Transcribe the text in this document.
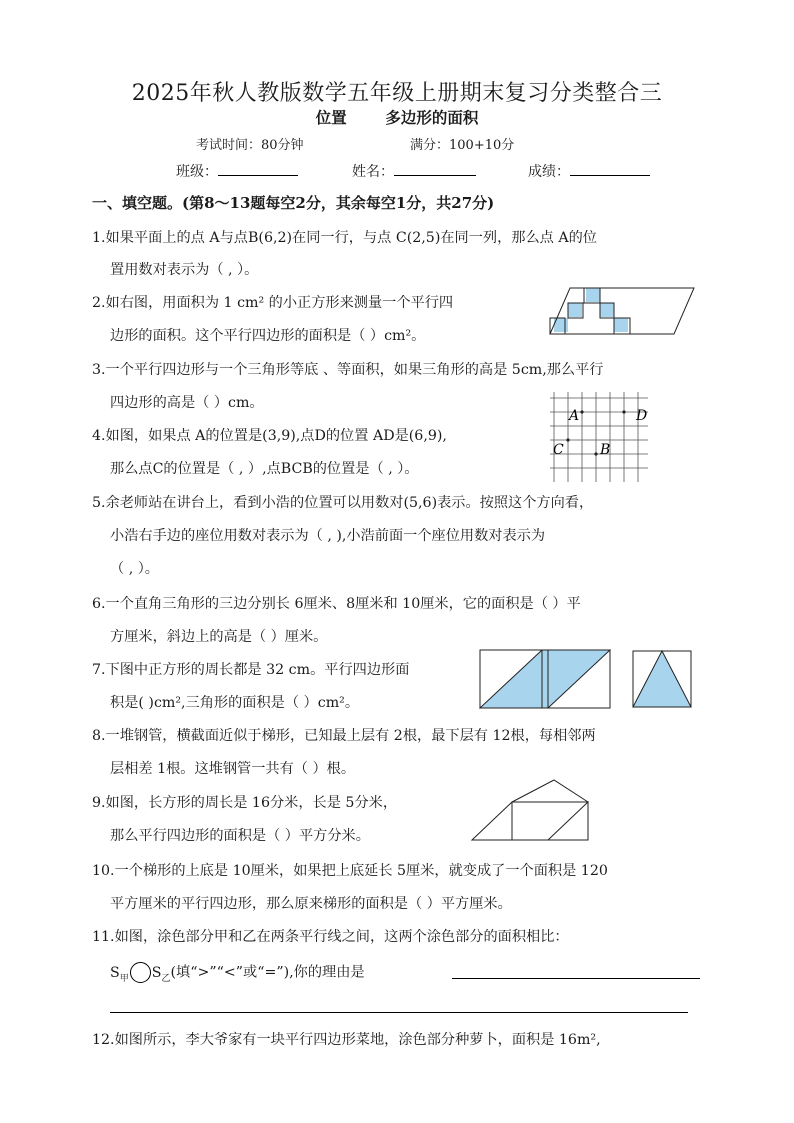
2025年秋人教版数学五年级上册期末复习分类整合三
位置	多边形的面积
考试时间：80分钟	满分：100+10分
班级：	姓名：	成绩：
一、填空题。(第8～13题每空2分，其余每空1分，共27分)
1.如果平面上的点 A与点B(6,2)在同一行，与点 C(2,5)在同一列，那么点 A的位
置用数对表示为（ , ）。
2.如右图，用面积为 1 cm² 的小正方形来测量一个平行四
边形的面积。这个平行四边形的面积是（ ）cm²。
3.一个平行四边形与一个三角形等底 、等面积，如果三角形的高是 5cm,那么平行
四边形的高是（ ）cm。
4.如图，如果点 A的位置是(3,9),点D的位置 AD是(6,9),
那么点C的位置是（ , ）,点BCB的位置是（ , ）。
A	D
B
C
5.余老师站在讲台上，看到小浩的位置可以用数对(5,6)表示。按照这个方向看，
小浩右手边的座位用数对表示为（ , ),小浩前面一个座位用数对表示为
（ , ）。
6.一个直角三角形的三边分别长 6厘米、8厘米和 10厘米，它的面积是（ ）平
方厘米，斜边上的高是（ ）厘米。
7.下图中正方形的周长都是 32 cm。平行四边形面
积是( )cm²,三角形的面积是（ ）cm²。
8.一堆钢管，横截面近似于梯形，已知最上层有 2根，最下层有 12根，每相邻两
层相差 1根。这堆钢管一共有（ ）根。
9.如图，长方形的周长是 16分米，长是 5分米，
那么平行四边形的面积是（ ）平方分米。
10.一个梯形的上底是 10厘米，如果把上底延长 5厘米，就变成了一个面积是 120
平方厘米的平行四边形，那么原来梯形的面积是（ ）平方厘米。
11.如图，涂色部分甲和乙在两条平行线之间，这两个涂色部分的面积相比：
$S_甲$ $S_乙$(填“>”“<”或“=”),你的理由是
12.如图所示，李大爷家有一块平行四边形菜地，涂色部分种萝卜，面积是 16m²,
